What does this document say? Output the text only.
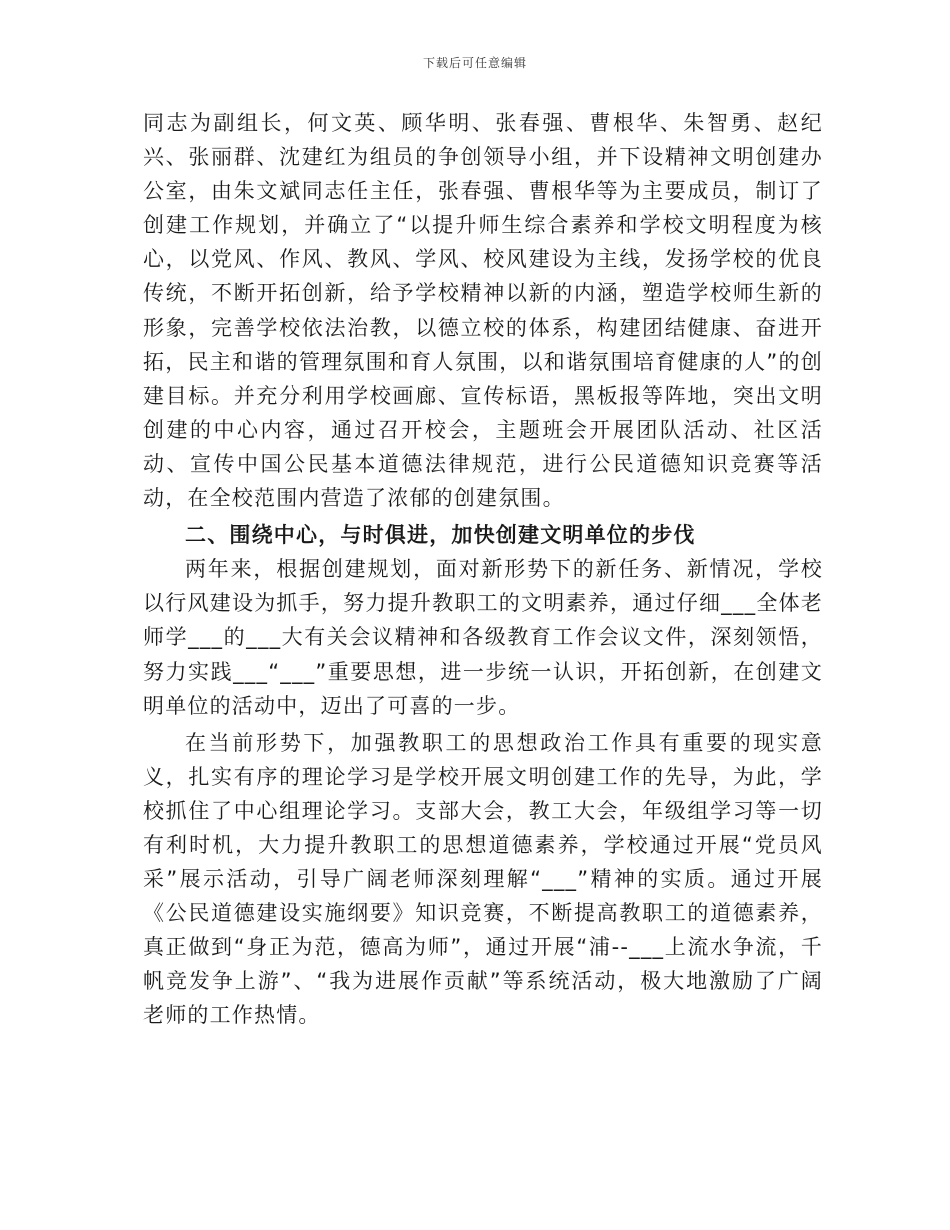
下载后可任意编辑

同志为副组长，何文英、顾华明、张春强、曹根华、朱智勇、赵纪兴、张丽群、沈建红为组员的争创领导小组，并下设精神文明创建办公室，由朱文斌同志任主任，张春强、曹根华等为主要成员，制订了创建工作规划，并确立了“以提升师生综合素养和学校文明程度为核心，以党风、作风、教风、学风、校风建设为主线，发扬学校的优良传统，不断开拓创新，给予学校精神以新的内涵，塑造学校师生新的形象，完善学校依法治教，以德立校的体系，构建团结健康、奋进开拓，民主和谐的管理氛围和育人氛围，以和谐氛围培育健康的人”的创建目标。并充分利用学校画廊、宣传标语，黑板报等阵地，突出文明创建的中心内容，通过召开校会，主题班会开展团队活动、社区活动、宣传中国公民基本道德法律规范，进行公民道德知识竞赛等活动，在全校范围内营造了浓郁的创建氛围。

二、围绕中心，与时俱进，加快创建文明单位的步伐

两年来，根据创建规划，面对新形势下的新任务、新情况，学校以行风建设为抓手，努力提升教职工的文明素养，通过仔细___全体老师学___的___大有关会议精神和各级教育工作会议文件，深刻领悟，努力实践___“___”重要思想，进一步统一认识，开拓创新，在创建文明单位的活动中，迈出了可喜的一步。

在当前形势下，加强教职工的思想政治工作具有重要的现实意义，扎实有序的理论学习是学校开展文明创建工作的先导，为此，学校抓住了中心组理论学习。支部大会，教工大会，年级组学习等一切有利时机，大力提升教职工的思想道德素养，学校通过开展“党员风采”展示活动，引导广阔老师深刻理解“___”精神的实质。通过开展《公民道德建设实施纲要》知识竞赛，不断提高教职工的道德素养，真正做到“身正为范，德高为师”，通过开展“浦--___上流水争流，千帆竞发争上游”、“我为进展作贡献”等系统活动，极大地激励了广阔老师的工作热情。
